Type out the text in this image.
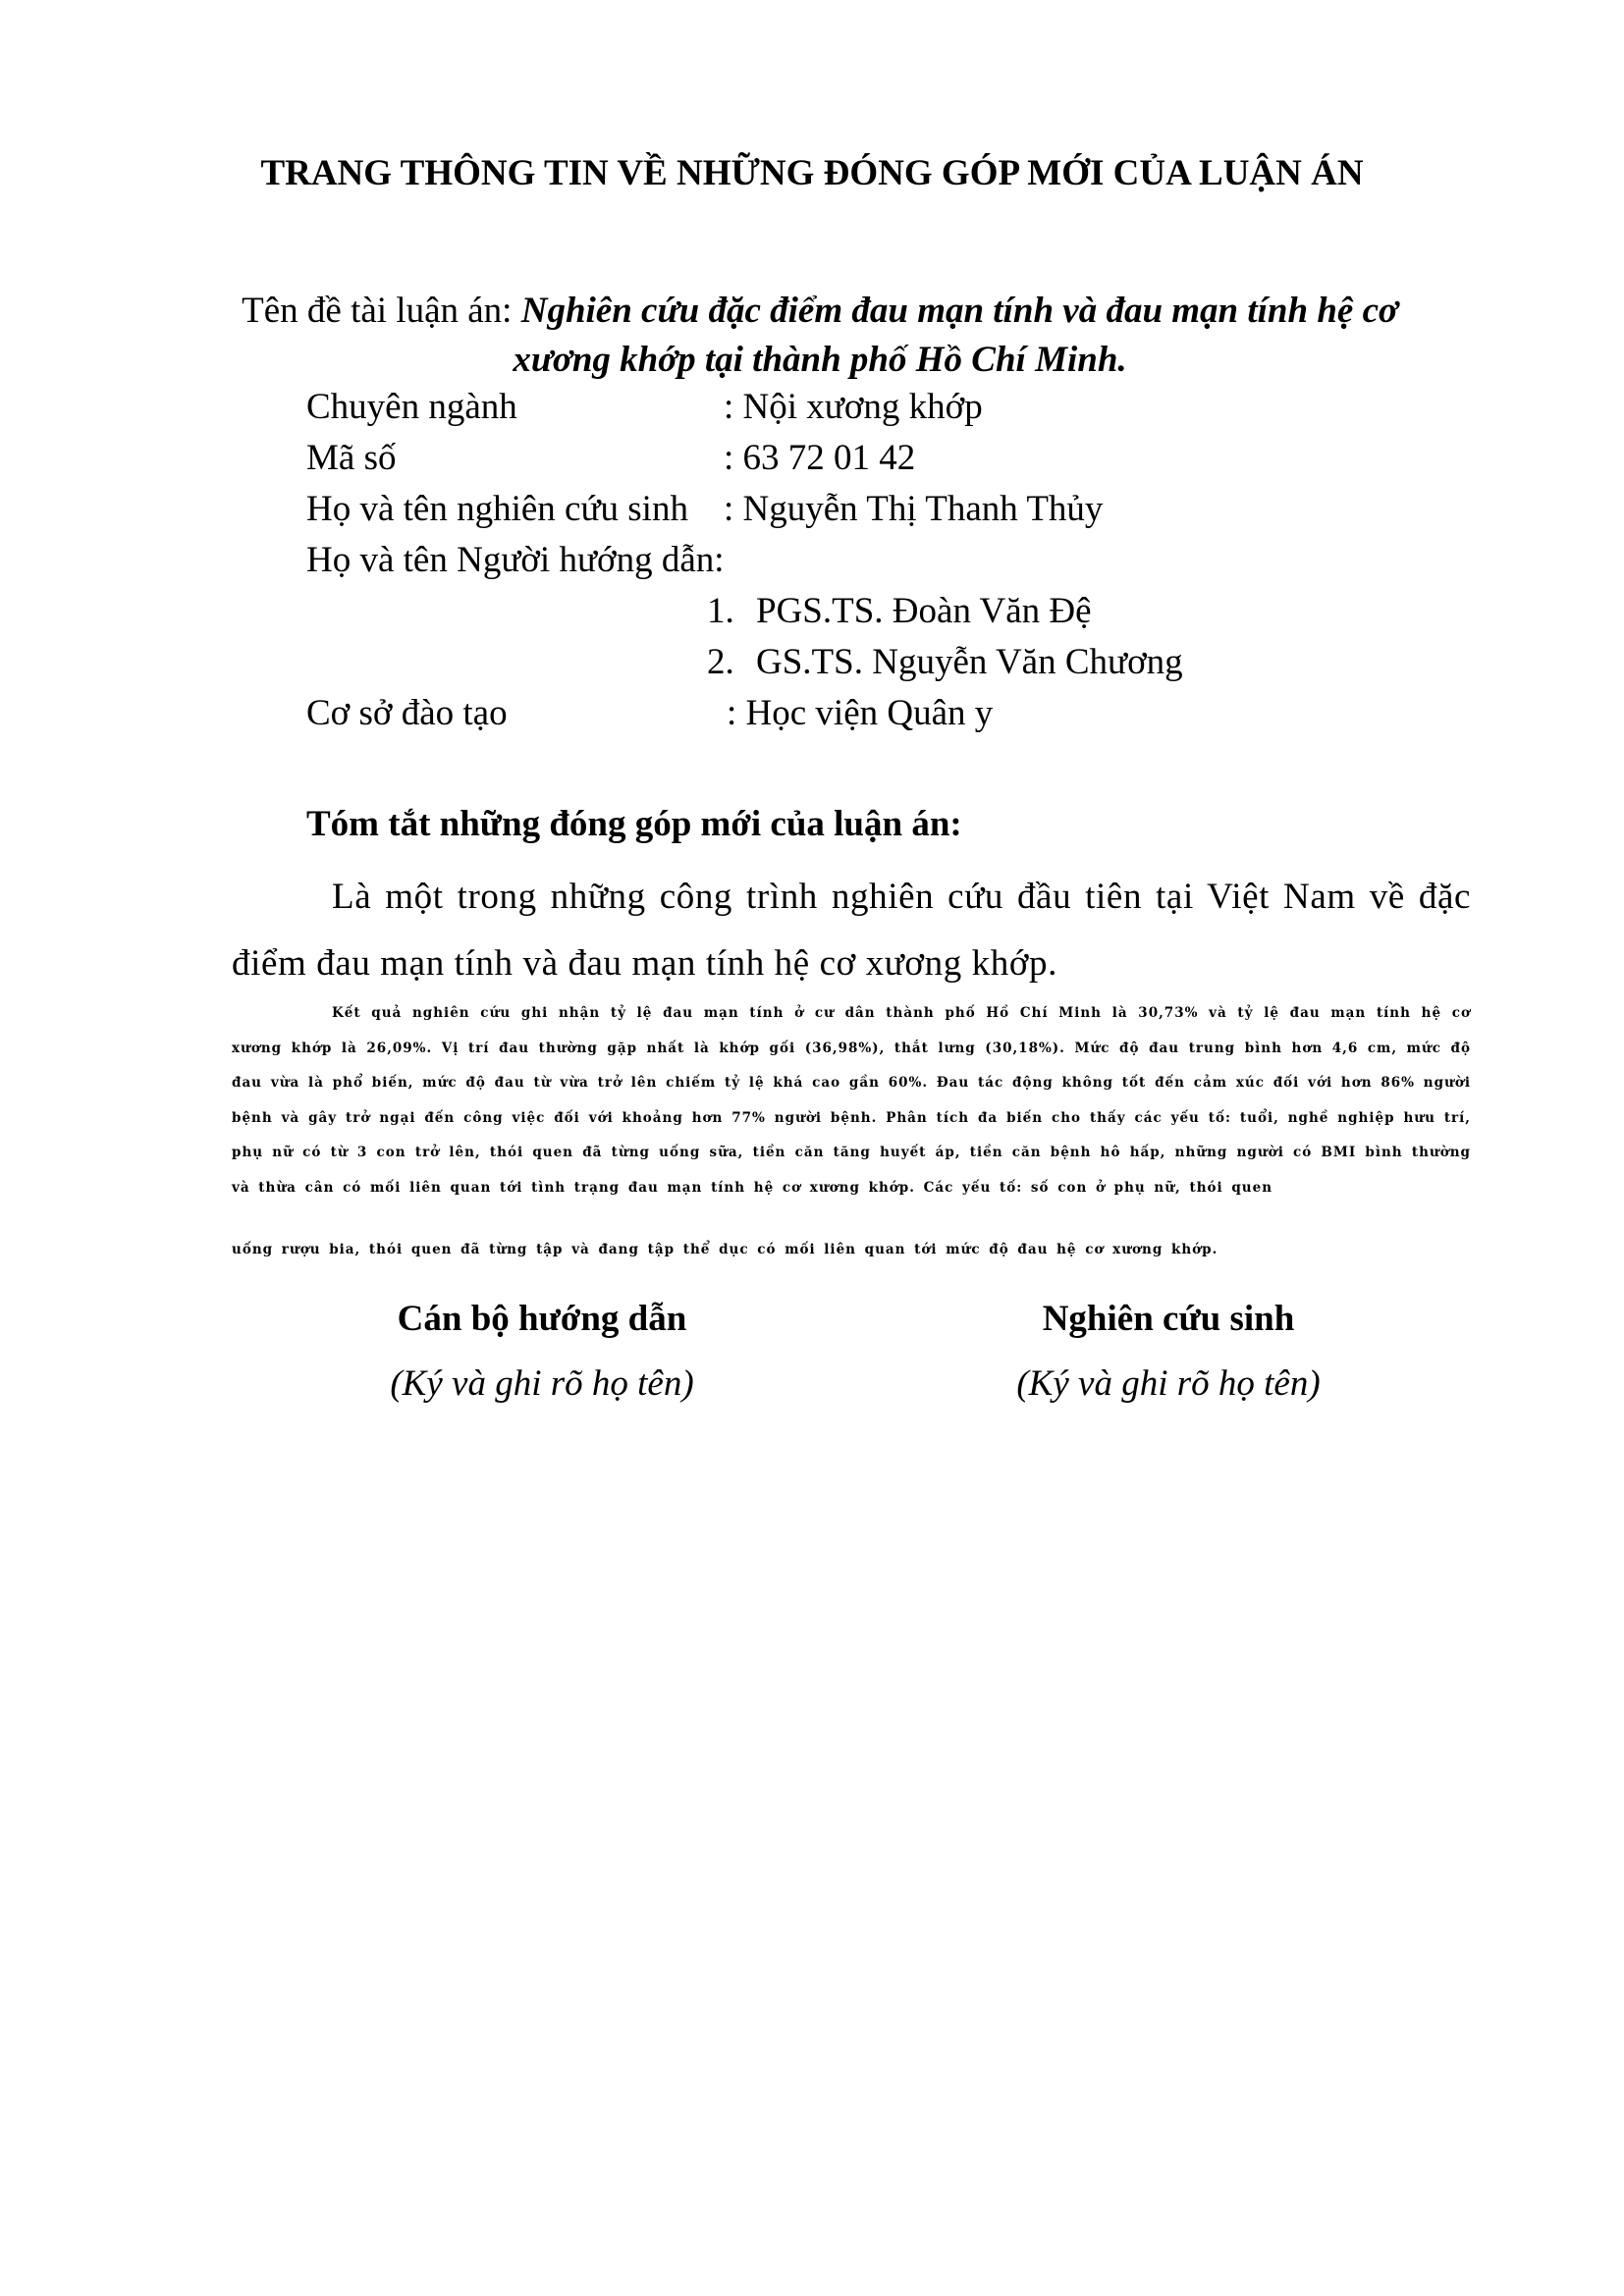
TRANG THÔNG TIN VỀ NHỮNG ĐÓNG GÓP MỚI CỦA LUẬN ÁN
Tên đề tài luận án: Nghiên cứu đặc điểm đau mạn tính và đau mạn tính hệ cơ xương khớp tại thành phố Hồ Chí Minh.
Chuyên ngành	: Nội xương khớp
Mã số	: 63 72 01 42
Họ và tên nghiên cứu sinh : Nguyễn Thị Thanh Thủy
Họ và tên Người hướng dẫn:
1. PGS.TS. Đoàn Văn Đệ
2. GS.TS. Nguyễn Văn Chương
Cơ sở đào tạo	: Học viện Quân y
Tóm tắt những đóng góp mới của luận án:
Là một trong những công trình nghiên cứu đầu tiên tại Việt Nam về đặc điểm đau mạn tính và đau mạn tính hệ cơ xương khớp.
Kết quả nghiên cứu ghi nhận tỷ lệ đau mạn tính ở cư dân thành phố Hồ Chí Minh là 30,73% và tỷ lệ đau mạn tính hệ cơ xương khớp là 26,09%. Vị trí đau thường gặp nhất là khớp gối (36,98%), thắt lưng (30,18%). Mức độ đau trung bình hơn 4,6 cm, mức độ đau vừa là phổ biến, mức độ đau từ vừa trở lên chiếm tỷ lệ khá cao gần 60%. Đau tác động không tốt đến cảm xúc đối với hơn 86% người bệnh và gây trở ngại đến công việc đối với khoảng hơn 77% người bệnh. Phân tích đa biến cho thấy các yếu tố: tuổi, nghề nghiệp hưu trí, phụ nữ có từ 3 con trở lên, thói quen đã từng uống sữa, tiền căn tăng huyết áp, tiền căn bệnh hô hấp, những người có BMI bình thường và thừa cân có mối liên quan tới tình trạng đau mạn tính hệ cơ xương khớp. Các yếu tố: số con ở phụ nữ, thói quen
uống rượu bia, thói quen đã từng tập và đang tập thể dục có mối liên quan tới mức độ đau hệ cơ xương khớp.
Cán bộ hướng dẫn
(Ký và ghi rõ họ tên)
Nghiên cứu sinh
(Ký và ghi rõ họ tên)
